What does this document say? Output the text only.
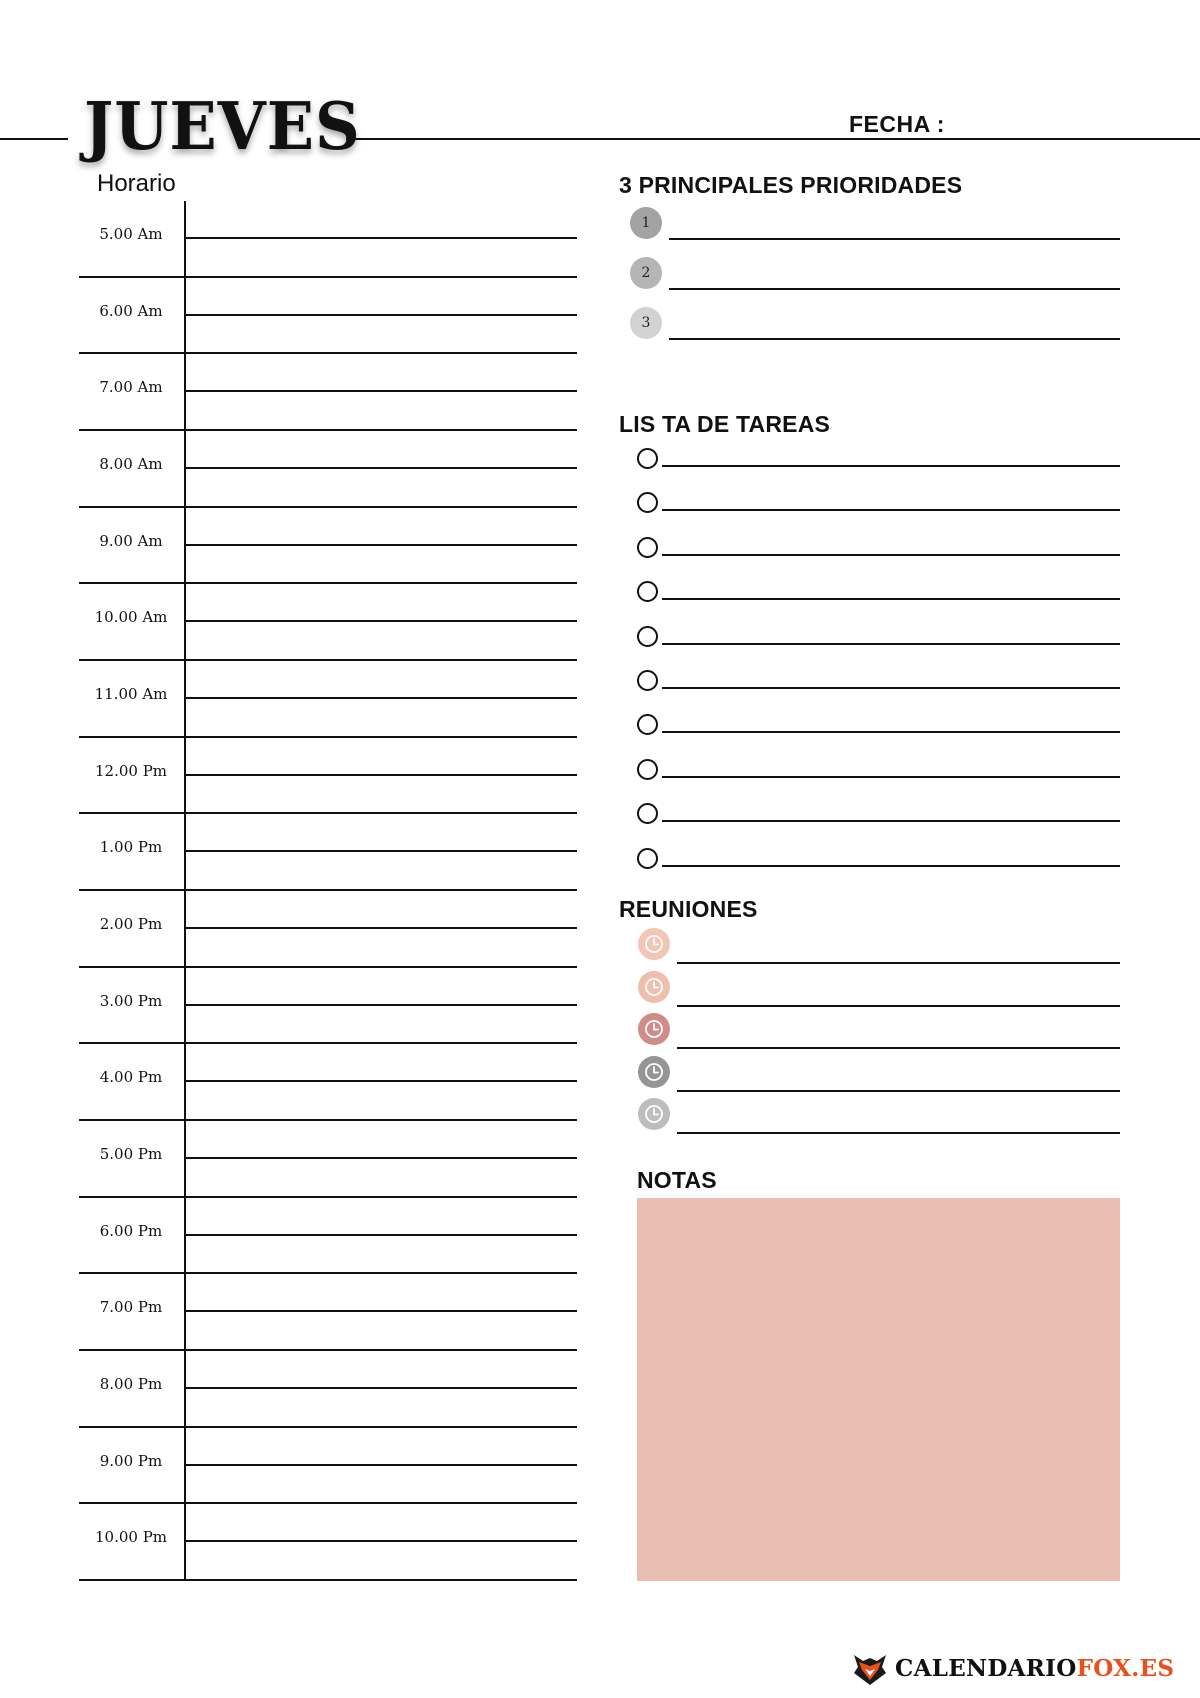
JUEVES	FECHA :
Horario
5.00 Am
6.00 Am
7.00 Am
8.00 Am
9.00 Am
10.00 Am
11.00 Am
12.00 Pm
1.00 Pm
2.00 Pm
3.00 Pm
4.00 Pm
5.00 Pm
6.00 Pm
7.00 Pm
8.00 Pm
9.00 Pm
10.00 Pm
3 PRINCIPALES PRIORIDADES
1
2
3
LIS TA DE TAREAS
REUNIONES
NOTAS
CALENDARIOFOX.ES
